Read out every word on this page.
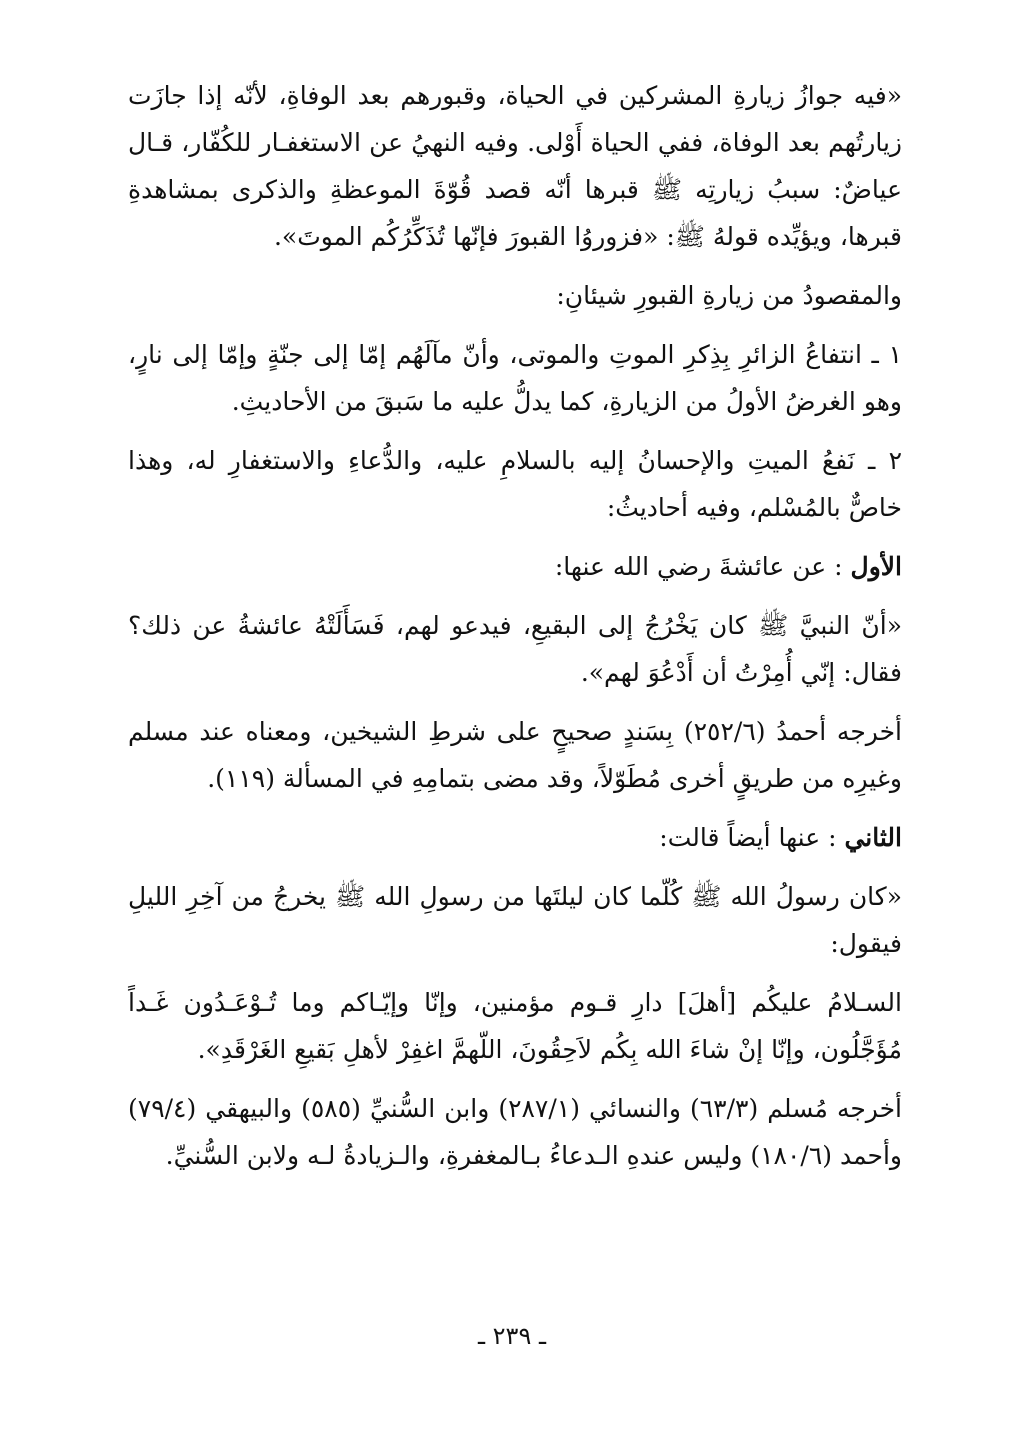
«فيه جوازُ زيارةِ المشركين في الحياة، وقبورهم بعد الوفاةِ، لأنّه إذا جازَت زيارتُهم بعد الوفاة، ففي الحياة أَوْلى. وفيه النهيُ عن الاستغفـار للكُفّار، قـال عياضٌ: سببُ زيارتِه ﷺ قبرها أنّه قصد قُوّةَ الموعظةِ والذكرى بمشاهدةِ قبرها، ويؤيِّده قولهُ ﷺ: «فزوروُا القبورَ فإنّها تُذَكِّرُكُم الموتَ».

والمقصودُ من زيارةِ القبورِ شيئانِ:

١ ـ انتفاعُ الزائرِ بِذِكرِ الموتِ والموتى، وأنّ مآلَهُم إمّا إلى جنّةٍ وإمّا إلى نارٍ، وهو الغرضُ الأولُ من الزيارةِ، كما يدلُّ عليه ما سَبقَ من الأحاديثِ.

٢ ـ نَفعُ الميتِ والإحسانُ إليه بالسلامِ عليه، والدُّعاءِ والاستغفارِ له، وهذا خاصٌّ بالمُسْلم، وفيه أحاديثُ:

الأول : عن عائشةَ رضي الله عنها:

«أنّ النبيَّ ﷺ كان يَخْرُجُ إلى البقيعِ، فيدعو لهم، فَسَأَلَتْهُ عائشةُ عن ذلك؟ فقال: إنّي أُمِرْتُ أن أَدْعُوَ لهم».

أخرجه أحمدُ (٢٥٢/٦) بِسَندٍ صحيحٍ على شرطِ الشيخين، ومعناه عند مسلم وغيرِه من طريقٍ أخرى مُطَوّلاً، وقد مضى بتمامِهِ في المسألة (١١٩).

الثاني : عنها أيضاً قالت:

«كان رسولُ الله ﷺ كُلّما كان ليلتَها من رسولِ الله ﷺ يخرجُ من آخِرِ الليلِ فيقول:

السـلامُ عليكُم [أهلَ] دارِ قـوم مؤمنين، وإنّا وإيّـاكم وما تُـوْعَـدُون غَـداً مُؤَجَّلُون، وإنّا إنْ شاءَ الله بِكُم لاَحِقُونَ، اللّهمَّ اغفِرْ لأهلِ بَقيعِ الغَرْقَدِ».

أخرجه مُسلم (٦٣/٣) والنسائي (٢٨٧/١) وابن السُّنيِّ (٥٨٥) والبيهقي (٧٩/٤) وأحمد (١٨٠/٦) وليس عندهِ الـدعاءُ بـالمغفرةِ، والـزيادةُ لـه ولابن السُّنيِّ.

ـ ٢٣٩ ـ
